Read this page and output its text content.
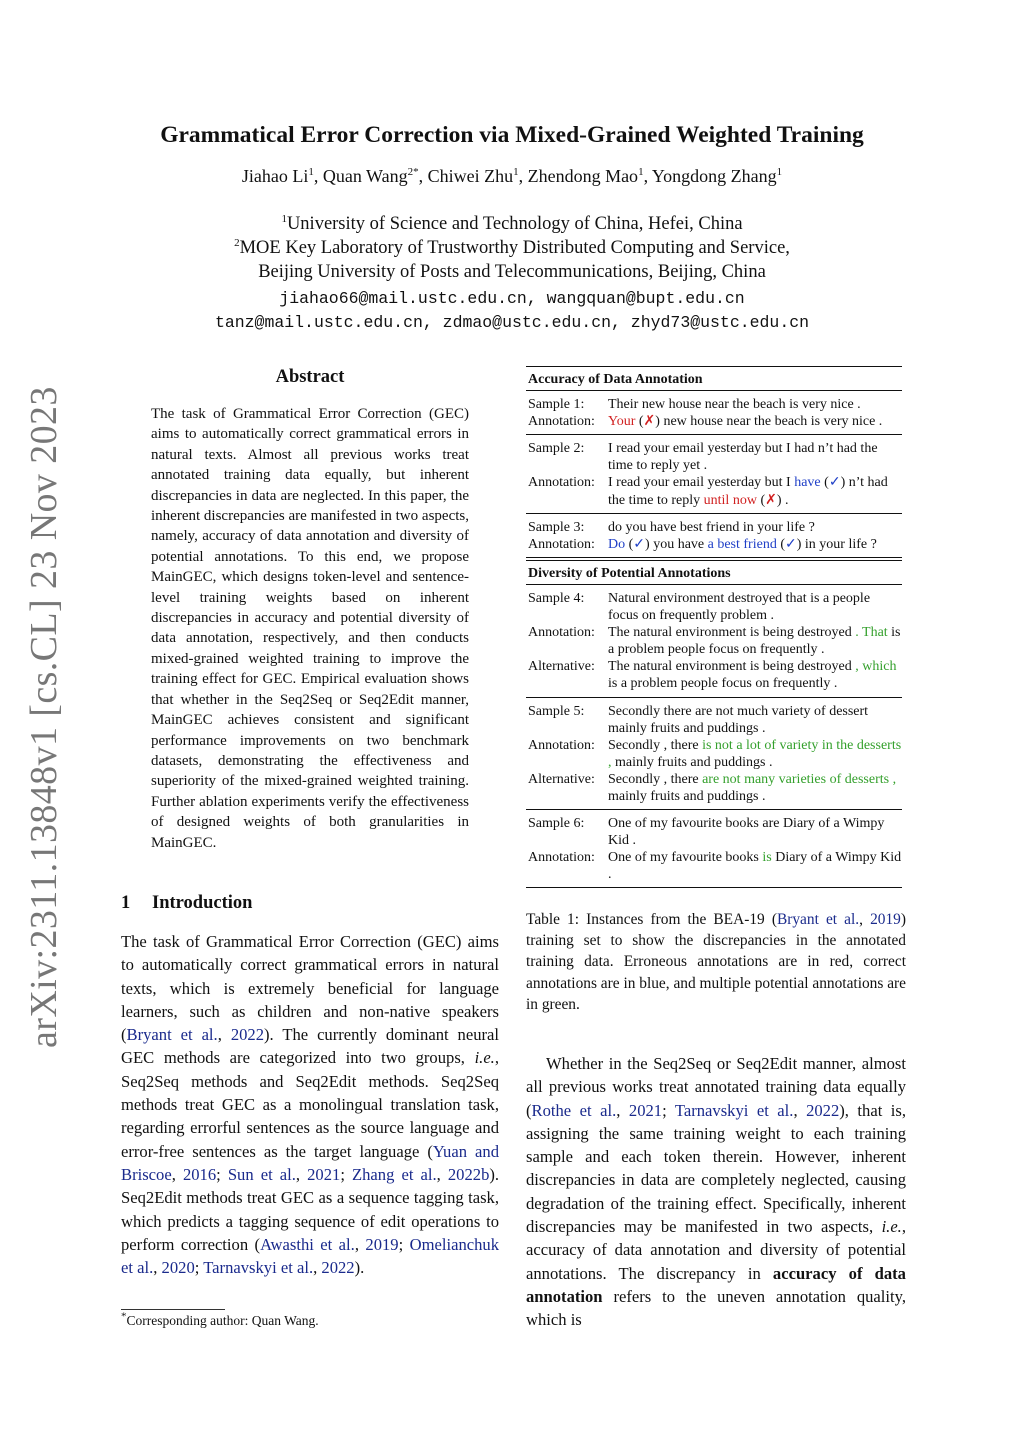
Grammatical Error Correction via Mixed-Grained Weighted Training
Jiahao Li$^1$, Quan Wang$^{2*}$, Chiwei Zhu$^1$, Zhendong Mao$^1$, Yongdong Zhang$^1$
$^1$University of Science and Technology of China, Hefei, China
$^2$MOE Key Laboratory of Trustworthy Distributed Computing and Service,
Beijing University of Posts and Telecommunications, Beijing, China
jiahao66@mail.ustc.edu.cn, wangquan@bupt.edu.cn
tanz@mail.ustc.edu.cn, zdmao@ustc.edu.cn, zhyd73@ustc.edu.cn
arXiv:2311.13848v1 [cs.CL] 23 Nov 2023
Abstract
The task of Grammatical Error Correction (GEC) aims to automatically correct grammatical errors in natural texts. Almost all previous works treat annotated training data equally, but inherent discrepancies in data are neglected. In this paper, the inherent discrepancies are manifested in two aspects, namely, accuracy of data annotation and diversity of potential annotations. To this end, we propose MainGEC, which designs token-level and sentence-level training weights based on inherent discrepancies in accuracy and potential diversity of data annotation, respectively, and then conducts mixed-grained weighted training to improve the training effect for GEC. Empirical evaluation shows that whether in the Seq2Seq or Seq2Edit manner, MainGEC achieves consistent and significant performance improvements on two benchmark datasets, demonstrating the effectiveness and superiority of the mixed-grained weighted training. Further ablation experiments verify the effectiveness of designed weights of both granularities in MainGEC.
1 Introduction
The task of Grammatical Error Correction (GEC) aims to automatically correct grammatical errors in natural texts, which is extremely beneficial for language learners, such as children and non-native speakers (Bryant et al., 2022). The currently dominant neural GEC methods are categorized into two groups, i.e., Seq2Seq methods and Seq2Edit methods. Seq2Seq methods treat GEC as a monolingual translation task, regarding errorful sentences as the source language and error-free sentences as the target language (Yuan and Briscoe, 2016; Sun et al., 2021; Zhang et al., 2022b). Seq2Edit methods treat GEC as a sequence tagging task, which predicts a tagging sequence of edit operations to perform correction (Awasthi et al., 2019; Omelianchuk et al., 2020; Tarnavskyi et al., 2022).
*Corresponding author: Quan Wang.
Accuracy of Data Annotation
Sample 1:	Their new house near the beach is very nice .
Annotation: Your (✗) new house near the beach is very nice .
Sample 2:	I read your email yesterday but I had n’t had the time to reply yet .
Annotation: I read your email yesterday but I have (✓) n’t had the time to reply until now (✗) .
Sample 3:	do you have best friend in your life ?
Annotation: Do (✓) you have a best friend (✓) in your life ?
Diversity of Potential Annotations
Sample 4:	Natural environment destroyed that is a people focus on frequently problem .
Annotation: The natural environment is being destroyed . That is a problem people focus on frequently .
Alternative: The natural environment is being destroyed , which is a problem people focus on frequently .
Sample 5:	Secondly there are not much variety of dessert mainly fruits and puddings .
Annotation: Secondly , there is not a lot of variety in the desserts , mainly fruits and puddings .
Alternative: Secondly , there are not many varieties of desserts , mainly fruits and puddings .
Sample 6:	One of my favourite books are Diary of a Wimpy Kid .
Annotation: One of my favourite books is Diary of a Wimpy Kid .
Table 1: Instances from the BEA-19 (Bryant et al., 2019) training set to show the discrepancies in the annotated training data. Erroneous annotations are in red, correct annotations are in blue, and multiple potential annotations are in green.
Whether in the Seq2Seq or Seq2Edit manner, almost all previous works treat annotated training data equally (Rothe et al., 2021; Tarnavskyi et al., 2022), that is, assigning the same training weight to each training sample and each token therein. However, inherent discrepancies in data are completely neglected, causing degradation of the training effect. Specifically, inherent discrepancies may be manifested in two aspects, i.e., accuracy of data annotation and diversity of potential annotations. The discrepancy in accuracy of data annotation refers to the uneven annotation quality, which is
